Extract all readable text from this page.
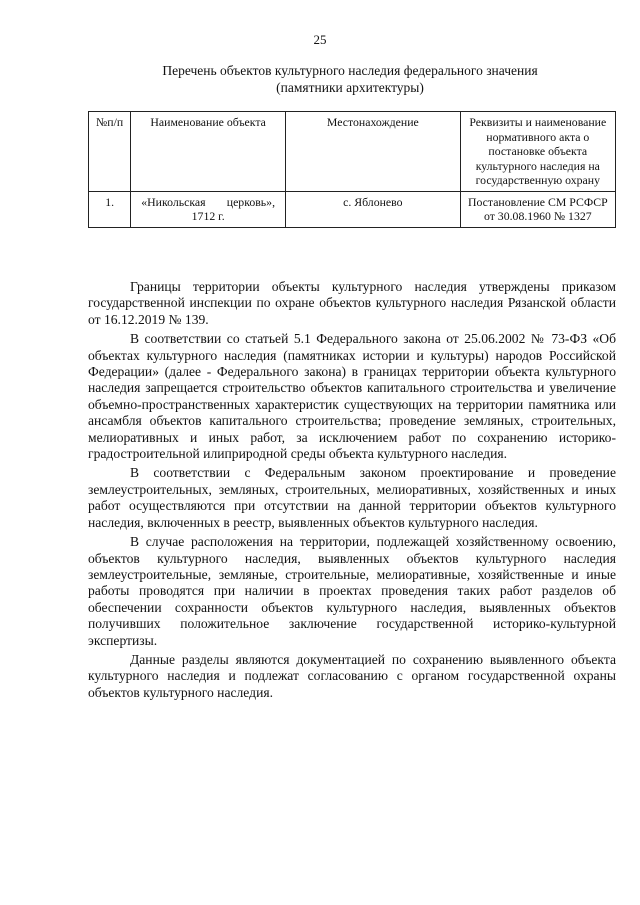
25
Перечень объектов культурного наследия федерального значения
(памятники архитектуры)
№п/п	Наименование объекта	Местонахождение	Реквизиты и наименование нормативного акта о постановке объекта культурного наследия на государственную охрану
1.	«Никольская церковь», 1712 г.	с. Яблонево	Постановление СМ РСФСР от 30.08.1960 № 1327

Границы территории объекты культурного наследия утверждены приказом государственной инспекции по охране объектов культурного наследия Рязанской области от 16.12.2019 № 139.

В соответствии со статьей 5.1 Федерального закона от 25.06.2002 № 73-ФЗ «Об объектах культурного наследия (памятниках истории и культуры) народов Российской Федерации» (далее - Федерального закона) в границах территории объекта культурного наследия запрещается строительство объектов капитального строительства и увеличение объемно-пространственных характеристик существующих на территории памятника или ансамбля объектов капитального строительства; проведение земляных, строительных, мелиоративных и иных работ, за исключением работ по сохранению историко-градостроительной илиприродной среды объекта культурного наследия.

В соответствии с Федеральным законом проектирование и проведение землеустроительных, земляных, строительных, мелиоративных, хозяйственных и иных работ осуществляются при отсутствии на данной территории объектов культурного наследия, включенных в реестр, выявленных объектов культурного наследия.

В случае расположения на территории, подлежащей хозяйственному освоению, объектов культурного наследия, выявленных объектов культурного наследия землеустроительные, земляные, строительные, мелиоративные, хозяйственные и иные работы проводятся при наличии в проектах проведения таких работ разделов об обеспечении сохранности объектов культурного наследия, выявленных объектов получивших положительное заключение государственной историко-культурной экспертизы.

Данные разделы являются документацией по сохранению выявленного объекта культурного наследия и подлежат согласованию с органом государственной охраны объектов культурного наследия.
